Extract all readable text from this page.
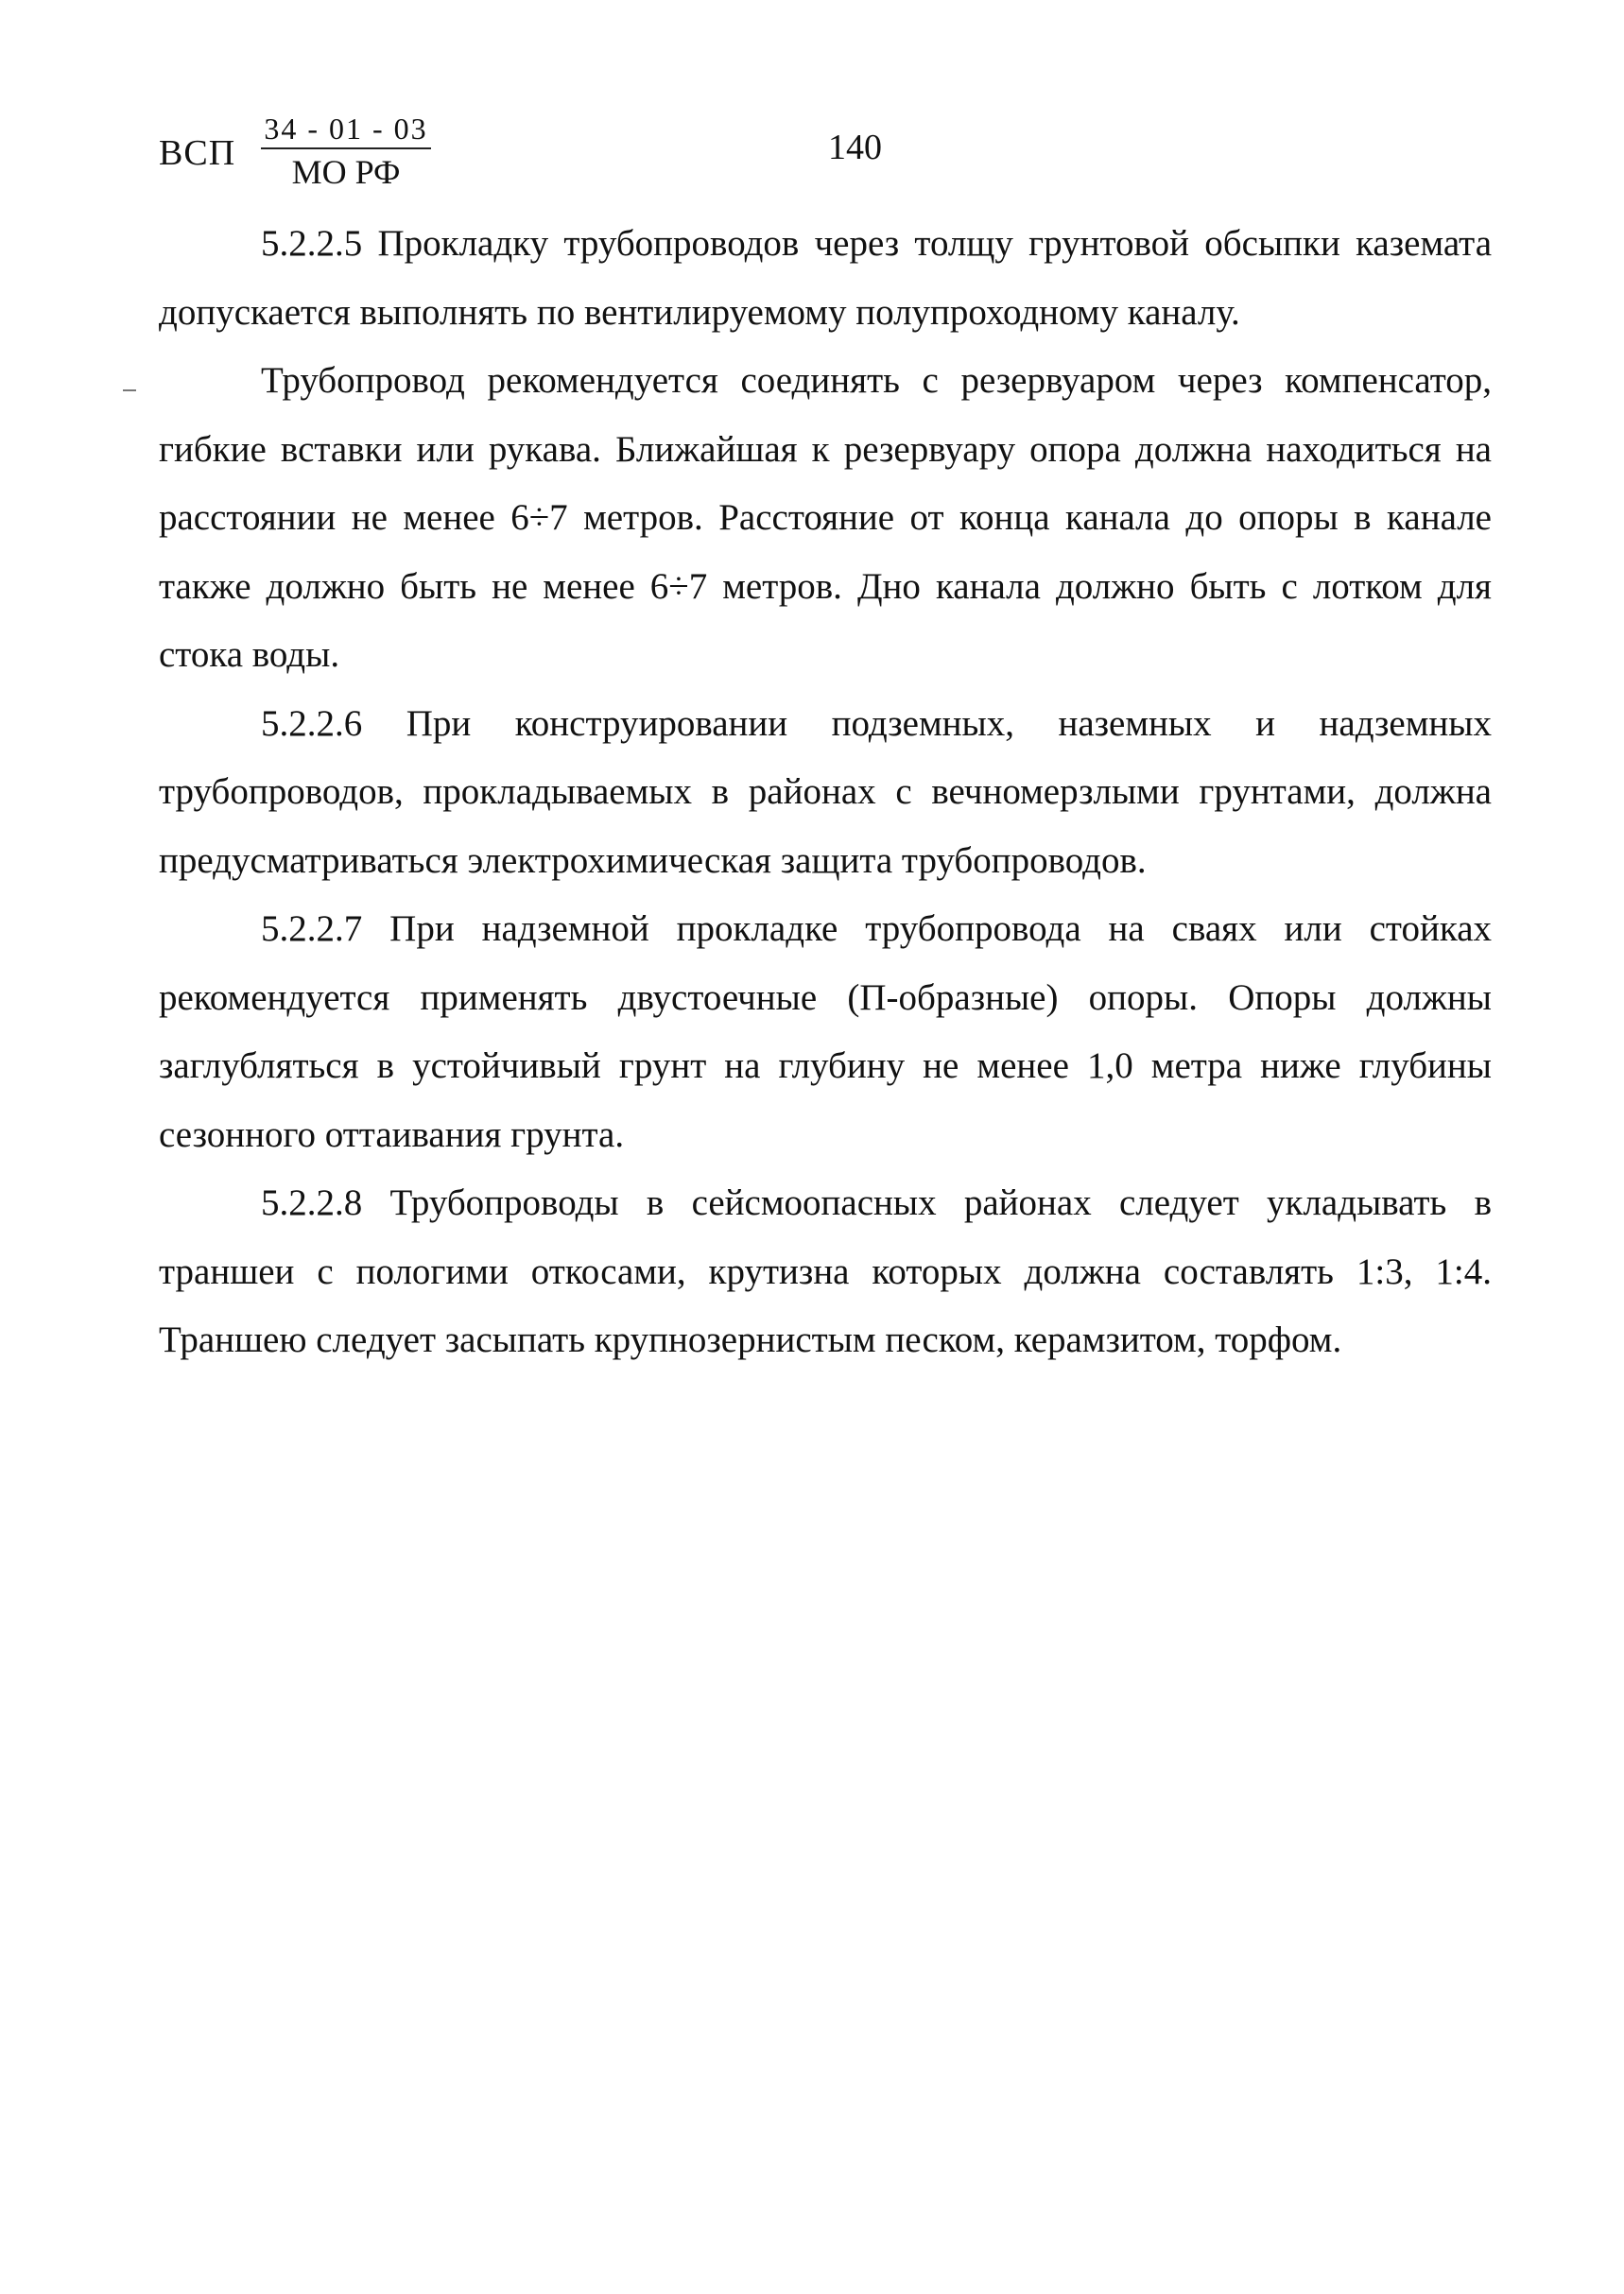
ВСП
34 - 01 - 03
МО РФ
140

5.2.2.5 Прокладку трубопроводов через толщу грунтовой обсыпки каземата допускается выполнять по вентилируемому полупроходному каналу.

Трубопровод рекомендуется соединять с резервуаром через компенсатор, гибкие вставки или рукава. Ближайшая к резервуару опора должна находиться на расстоянии не менее 6÷7 метров. Расстояние от конца канала до опоры в канале также должно быть не менее 6÷7 метров. Дно канала должно быть с лотком для стока воды.

5.2.2.6 При конструировании подземных, наземных и надземных трубопроводов, прокладываемых в районах с вечномерзлыми грунтами, должна предусматриваться электрохимическая защита трубопроводов.

5.2.2.7 При надземной прокладке трубопровода на сваях или стойках рекомендуется применять двустоечные (П-образные) опоры. Опоры должны заглубляться в устойчивый грунт на глубину не менее 1,0 метра ниже глубины сезонного оттаивания грунта.

5.2.2.8 Трубопроводы в сейсмоопасных районах следует укладывать в траншеи с пологими откосами, крутизна которых должна составлять 1:3, 1:4. Траншею следует засыпать крупнозернистым песком, керамзитом, торфом.
